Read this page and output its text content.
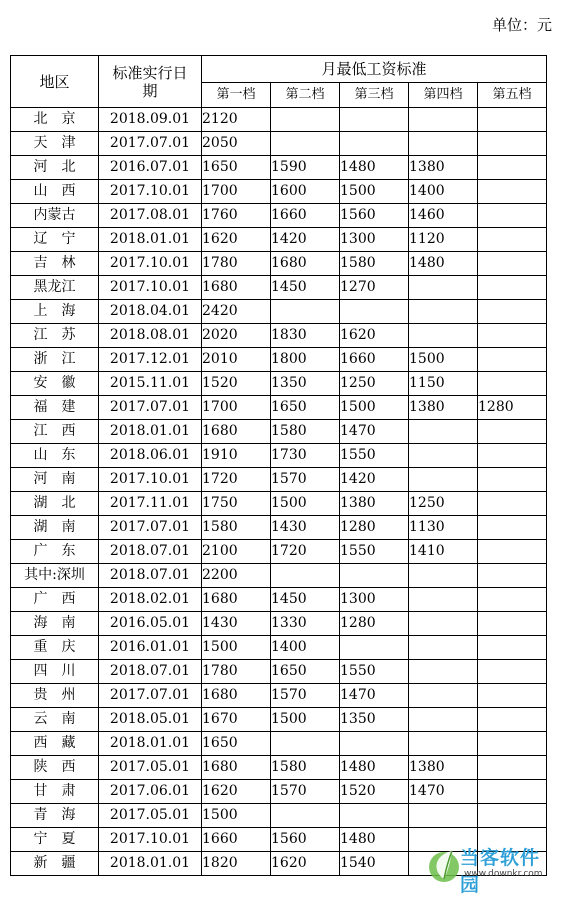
单位：元
地区	标准实行日期	月最低工资标准				
		第一档	第二档	第三档	第四档	第五档
北　京	2018.09.01	2120				
天　津	2017.07.01	2050				
河　北	2016.07.01	1650	1590	1480	1380	
山　西	2017.10.01	1700	1600	1500	1400	
内蒙古	2017.08.01	1760	1660	1560	1460	
辽　宁	2018.01.01	1620	1420	1300	1120	
吉　林	2017.10.01	1780	1680	1580	1480	
黑龙江	2017.10.01	1680	1450	1270		
上　海	2018.04.01	2420				
江　苏	2018.08.01	2020	1830	1620		
浙　江	2017.12.01	2010	1800	1660	1500	
安　徽	2015.11.01	1520	1350	1250	1150	
福　建	2017.07.01	1700	1650	1500	1380	1280
江　西	2018.01.01	1680	1580	1470		
山　东	2018.06.01	1910	1730	1550		
河　南	2017.10.01	1720	1570	1420		
湖　北	2017.11.01	1750	1500	1380	1250	
湖　南	2017.07.01	1580	1430	1280	1130	
广　东	2018.07.01	2100	1720	1550	1410	
其中:深圳	2018.07.01	2200				
广　西	2018.02.01	1680	1450	1300		
海　南	2016.05.01	1430	1330	1280		
重　庆	2016.01.01	1500	1400			
四　川	2018.07.01	1780	1650	1550		
贵　州	2017.07.01	1680	1570	1470		
云　南	2018.05.01	1670	1500	1350		
西　藏	2018.01.01	1650				
陕　西	2017.05.01	1680	1580	1480	1380	
甘　肃	2017.06.01	1620	1570	1520	1470	
青　海	2017.05.01	1500				
宁　夏	2017.10.01	1660	1560	1480		
新　疆	2018.01.01	1820	1620	1540			当客软件园
www.downkr.com
